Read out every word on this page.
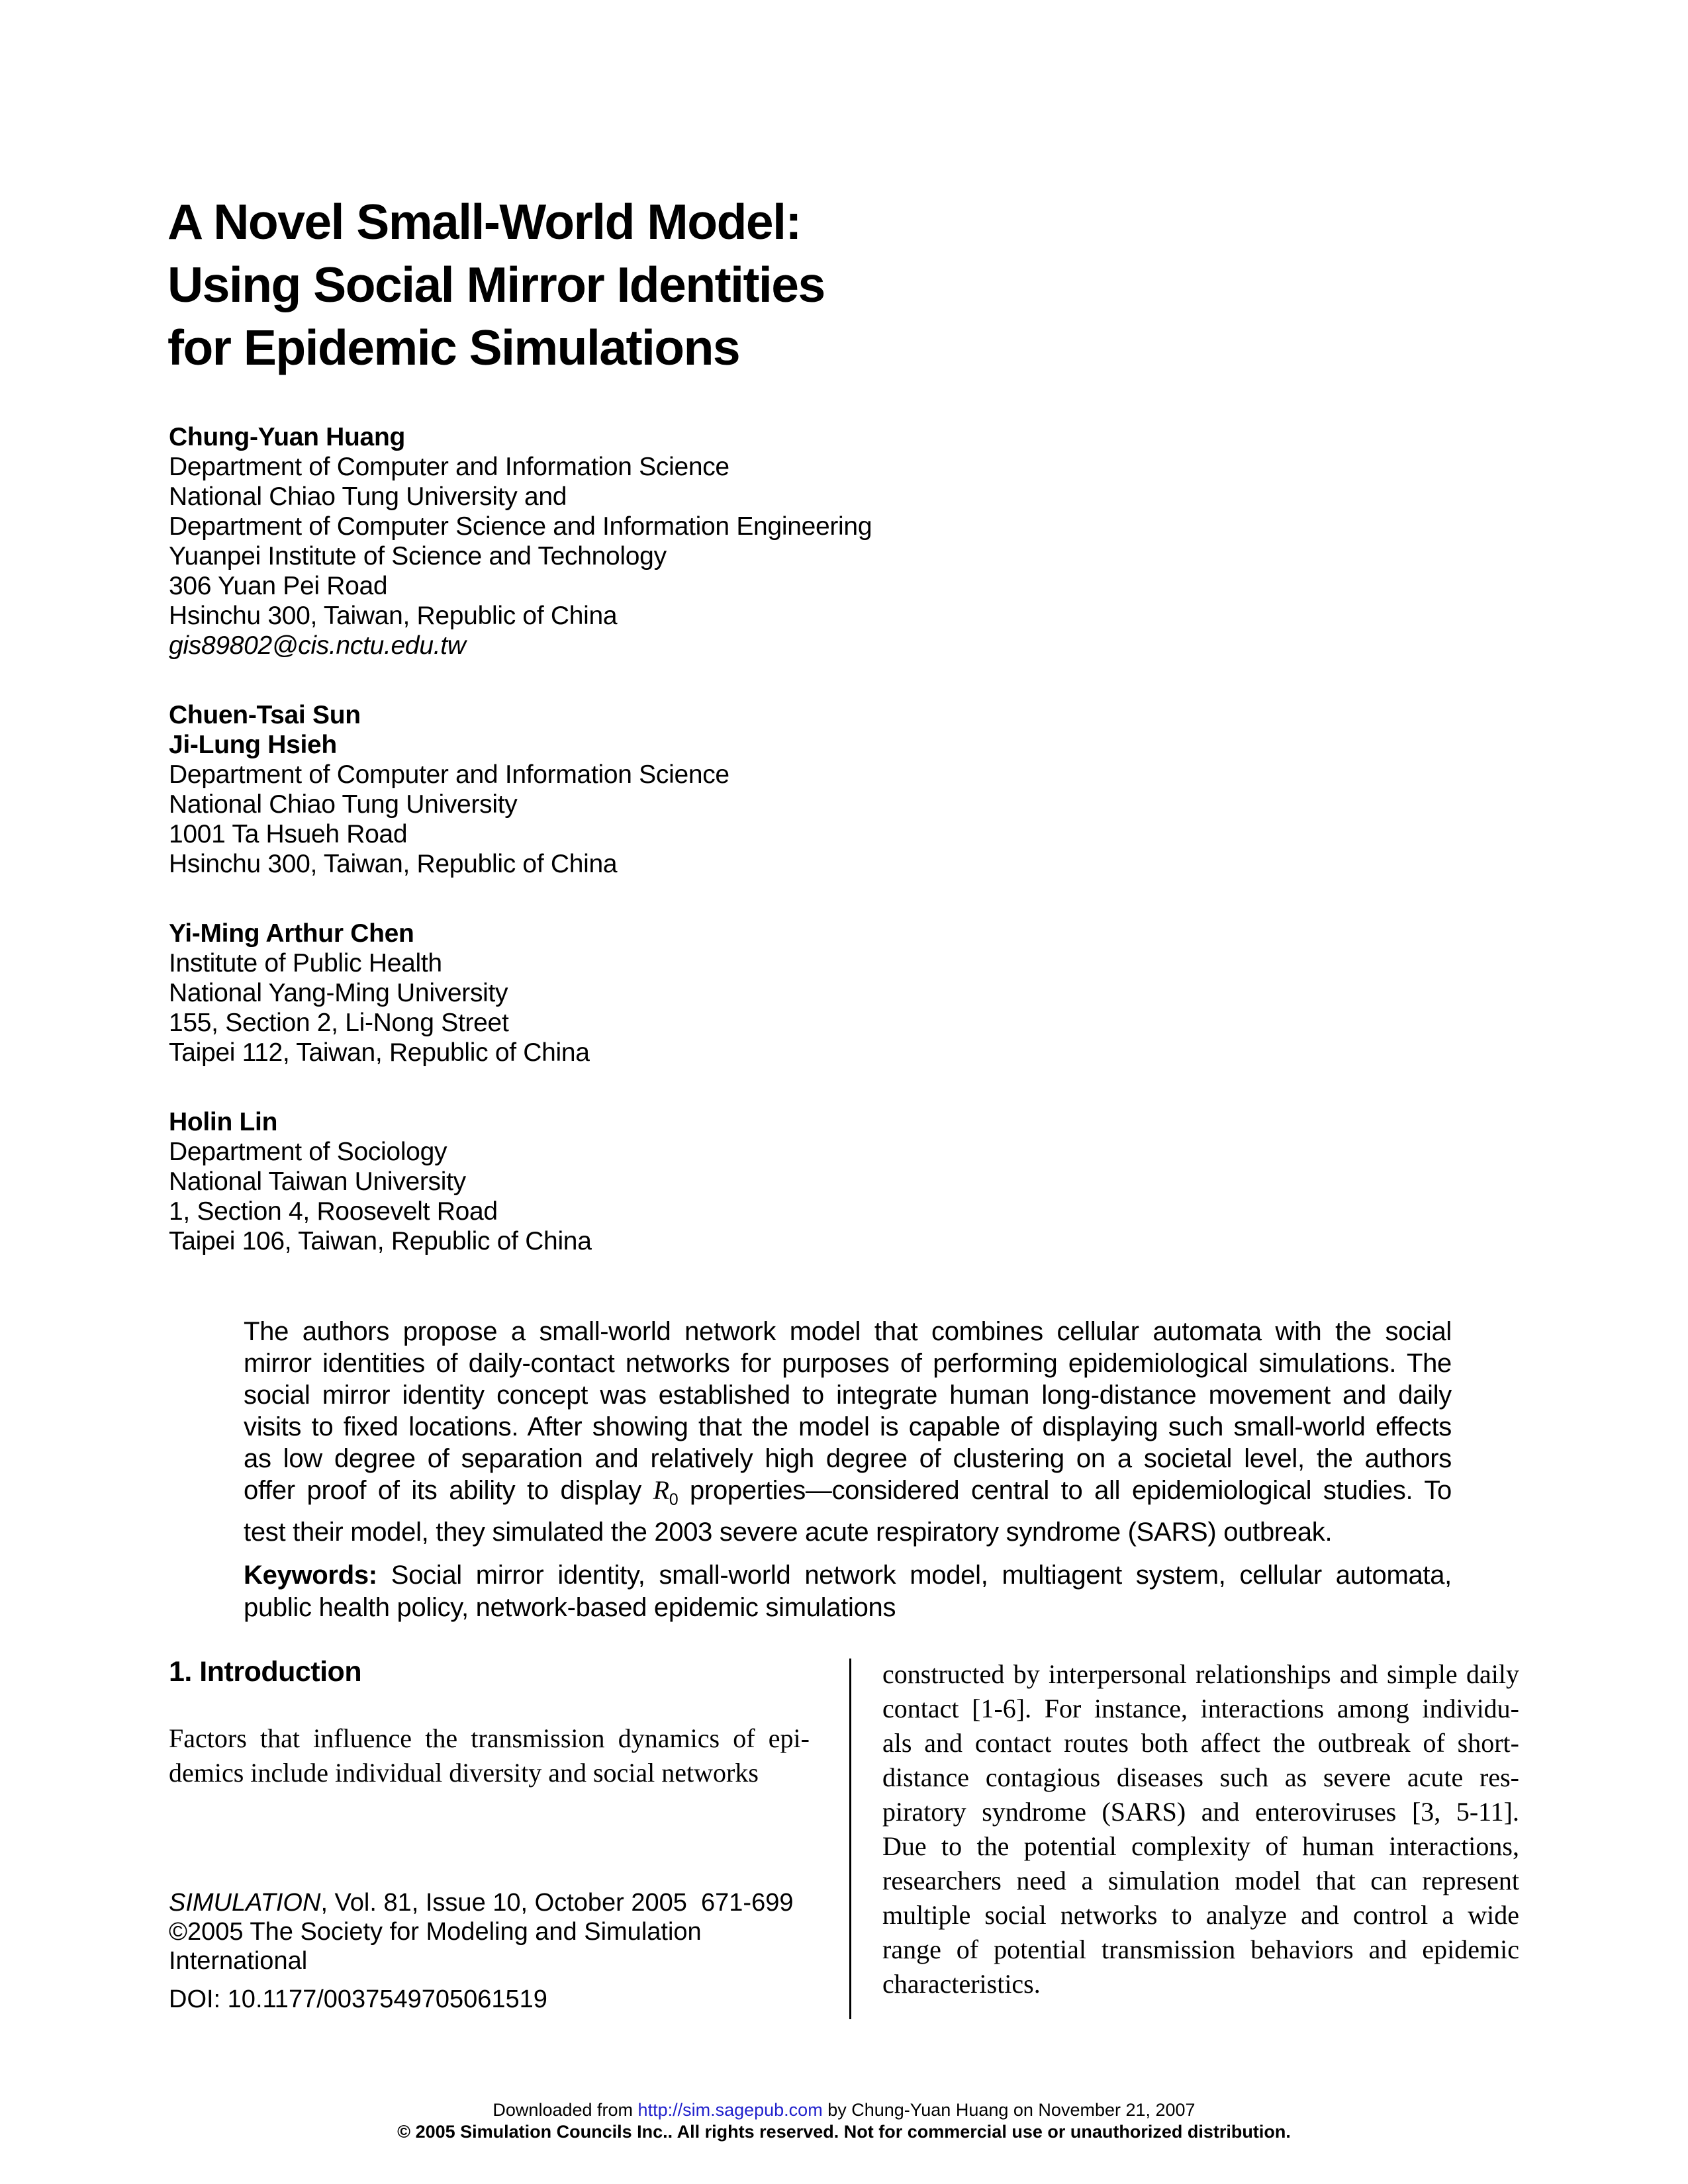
A Novel Small-World Model:
Using Social Mirror Identities
for Epidemic Simulations
Chung-Yuan Huang
Department of Computer and Information Science
National Chiao Tung University and
Department of Computer Science and Information Engineering
Yuanpei Institute of Science and Technology
306 Yuan Pei Road
Hsinchu 300, Taiwan, Republic of China
gis89802@cis.nctu.edu.tw
Chuen-Tsai Sun
Ji-Lung Hsieh
Department of Computer and Information Science
National Chiao Tung University
1001 Ta Hsueh Road
Hsinchu 300, Taiwan, Republic of China
Yi-Ming Arthur Chen
Institute of Public Health
National Yang-Ming University
155, Section 2, Li-Nong Street
Taipei 112, Taiwan, Republic of China
Holin Lin
Department of Sociology
National Taiwan University
1, Section 4, Roosevelt Road
Taipei 106, Taiwan, Republic of China
The authors propose a small-world network model that combines cellular automata with the social
mirror identities of daily-contact networks for purposes of performing epidemiological simulations. The
social mirror identity concept was established to integrate human long-distance movement and daily
visits to fixed locations. After showing that the model is capable of displaying such small-world effects
as low degree of separation and relatively high degree of clustering on a societal level, the authors
offer proof of its ability to display $R_0$ properties—considered central to all epidemiological studies. To
test their model, they simulated the 2003 severe acute respiratory syndrome (SARS) outbreak.
Keywords: Social mirror identity, small-world network model, multiagent system, cellular automata,
public health policy, network-based epidemic simulations
1. Introduction
Factors that influence the transmission dynamics of epi-
demics include individual diversity and social networks
SIMULATION, Vol. 81, Issue 10, October 2005  671-699
©2005 The Society for Modeling and Simulation International
DOI: 10.1177/0037549705061519
constructed by interpersonal relationships and simple daily
contact [1-6]. For instance, interactions among individu-
als and contact routes both affect the outbreak of short-
distance contagious diseases such as severe acute res-
piratory syndrome (SARS) and enteroviruses [3, 5-11].
Due to the potential complexity of human interactions,
researchers need a simulation model that can represent
multiple social networks to analyze and control a wide
range of potential transmission behaviors and epidemic
characteristics.
Downloaded from http://sim.sagepub.com by Chung-Yuan Huang on November 21, 2007
© 2005 Simulation Councils Inc.. All rights reserved. Not for commercial use or unauthorized distribution.
